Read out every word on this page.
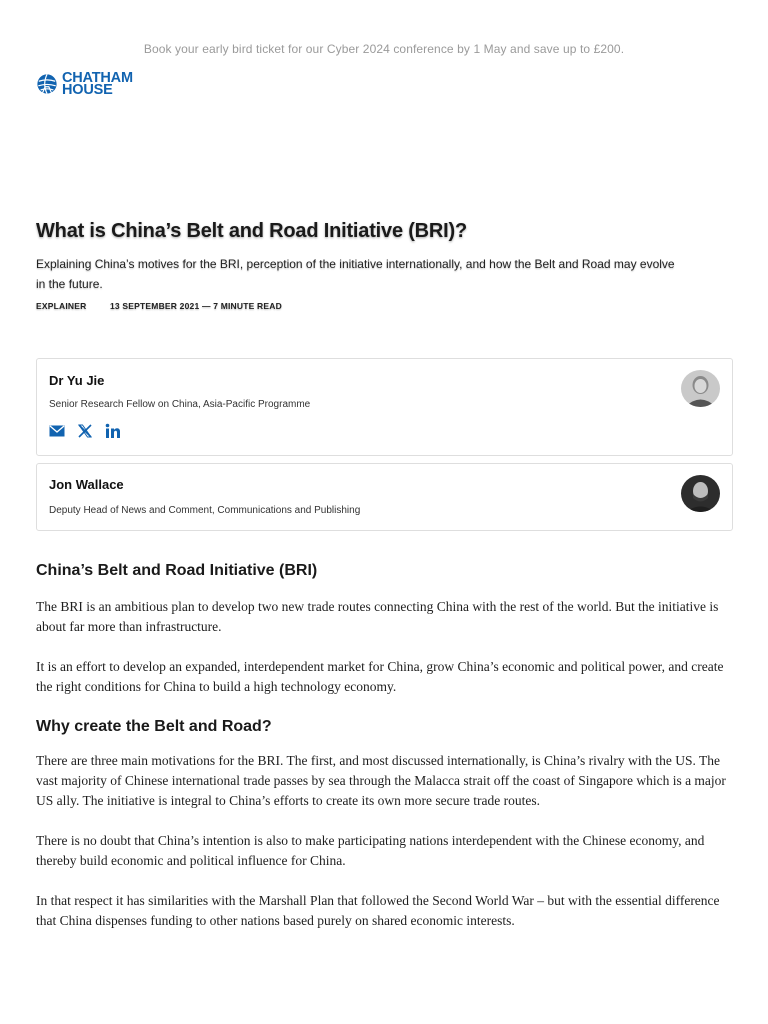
Book your early bird ticket for our Cyber 2024 conference by 1 May and save up to £200.
CHATHAM
HOUSE
What is China’s Belt and Road Initiative (BRI)?

Explaining China’s motives for the BRI, perception of the initiative internationally, and how the Belt and Road may evolve in the future.

EXPLAINER	13 SEPTEMBER 2021 — 7 MINUTE READ
Dr Yu Jie
Senior Research Fellow on China, Asia-Pacific Programme
Jon Wallace
Deputy Head of News and Comment, Communications and Publishing
China’s Belt and Road Initiative (BRI)

The BRI is an ambitious plan to develop two new trade routes connecting China with the rest of the world. But the initiative is about far more than infrastructure.

It is an effort to develop an expanded, interdependent market for China, grow China’s economic and political power, and create the right conditions for China to build a high technology economy.

Why create the Belt and Road?

There are three main motivations for the BRI. The first, and most discussed internationally, is China’s rivalry with the US. The vast majority of Chinese international trade passes by sea through the Malacca strait off the coast of Singapore which is a major US ally. The initiative is integral to China’s efforts to create its own more secure trade routes.

There is no doubt that China’s intention is also to make participating nations interdependent with the Chinese economy, and thereby build economic and political influence for China.

In that respect it has similarities with the Marshall Plan that followed the Second World War – but with the essential difference that China dispenses funding to other nations based purely on shared economic interests.
